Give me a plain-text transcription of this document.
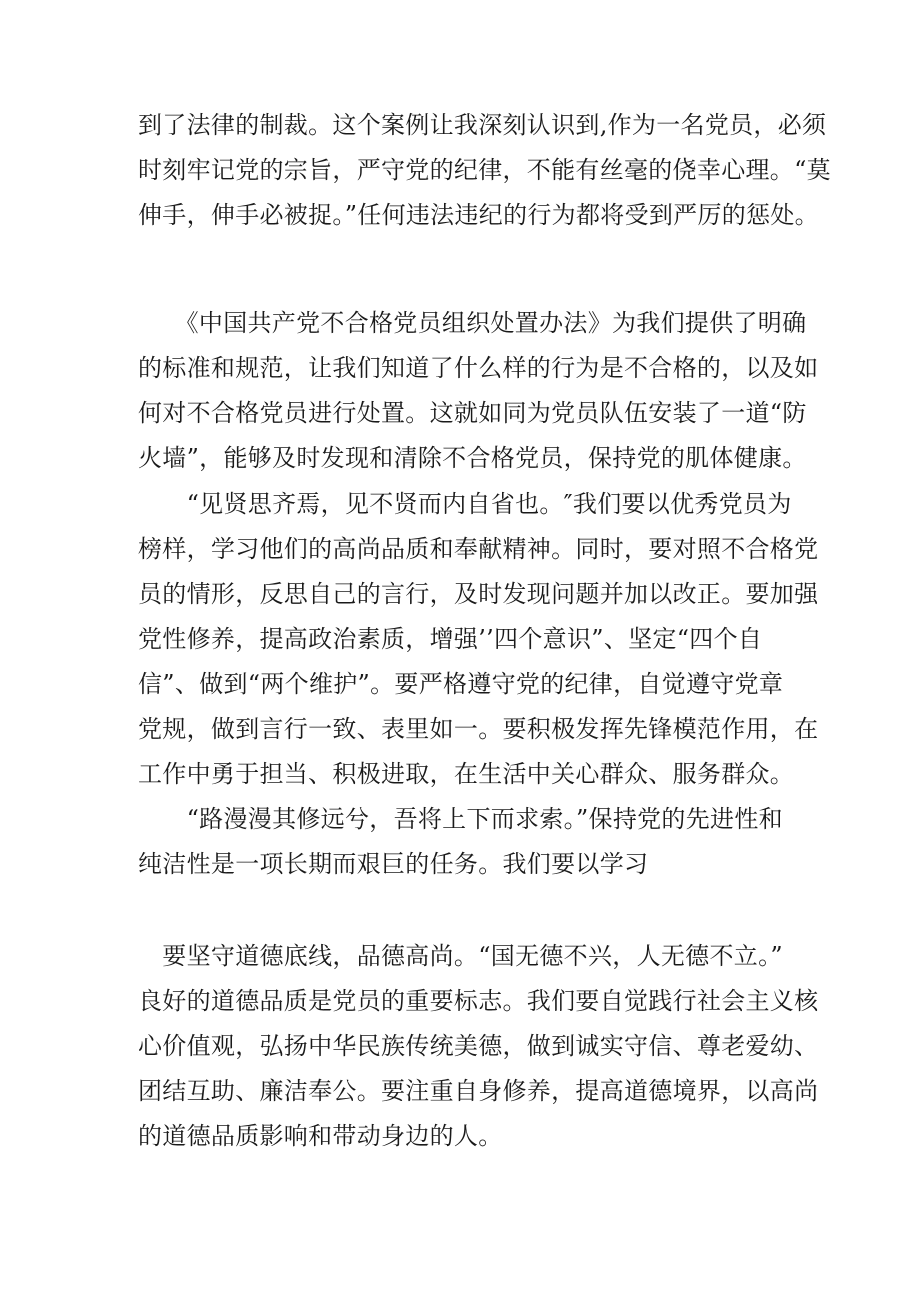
到了法律的制裁。这个案例让我深刻认识到,作为一名党员，必须
时刻牢记党的宗旨，严守党的纪律，不能有丝毫的侥幸心理。“莫
伸手，伸手必被捉。”任何违法违纪的行为都将受到严厉的惩处。

　　《中国共产党不合格党员组织处置办法》为我们提供了明确
的标准和规范，让我们知道了什么样的行为是不合格的，以及如
何对不合格党员进行处置。这就如同为党员队伍安装了一道“防
火墙”，能够及时发现和清除不合格党员，保持党的肌体健康。

　　“见贤思齐焉，见不贤而内自省也。″我们要以优秀党员为
榜样，学习他们的高尚品质和奉献精神。同时，要对照不合格党
员的情形，反思自己的言行，及时发现问题并加以改正。要加强
党性修养，提高政治素质，增强’’四个意识”、坚定“四个自
信”、做到“两个维护”。要严格遵守党的纪律，自觉遵守党章
党规，做到言行一致、表里如一。要积极发挥先锋模范作用，在
工作中勇于担当、积极进取，在生活中关心群众、服务群众。

　　“路漫漫其修远兮，吾将上下而求索。”保持党的先进性和
纯洁性是一项长期而艰巨的任务。我们要以学习

　要坚守道德底线，品德高尚。“国无德不兴，人无德不立。”
良好的道德品质是党员的重要标志。我们要自觉践行社会主义核
心价值观，弘扬中华民族传统美德，做到诚实守信、尊老爱幼、
团结互助、廉洁奉公。要注重自身修养，提高道德境界，以高尚
的道德品质影响和带动身边的人。
